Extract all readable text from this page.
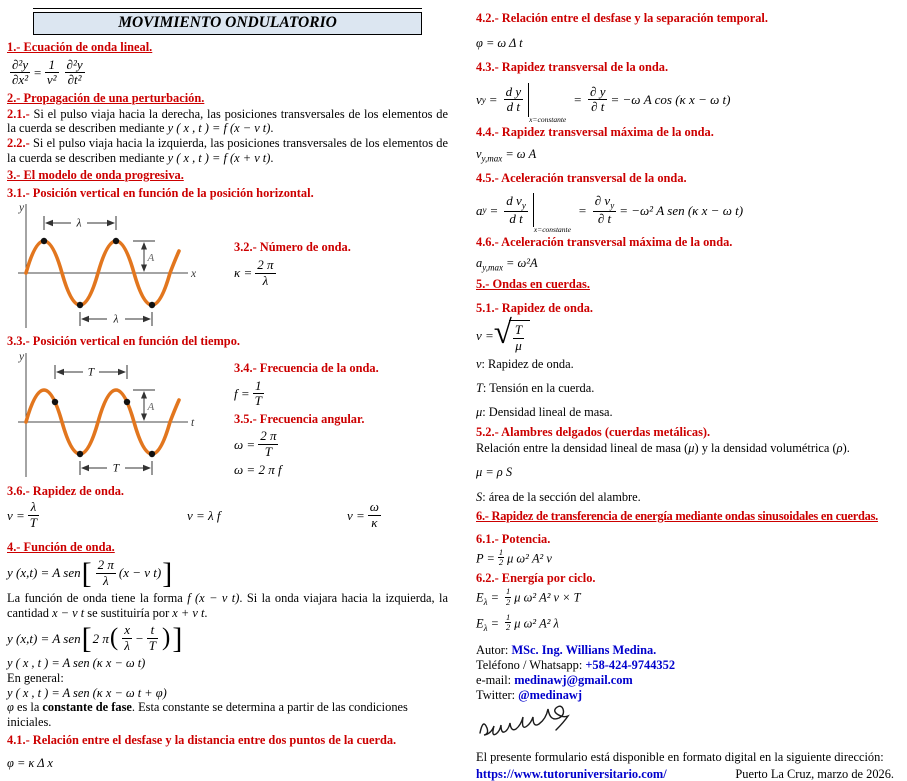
MOVIMIENTO ONDULATORIO
1.- Ecuación de onda lineal.
$\frac{\text{∂²y}}{\text{∂x²}} = \frac{1}{\text{v²}} \frac{\text{∂²y}}{\text{∂t²}}$
2.- Propagación de una perturbación.

2.1.- Si el pulso viaja hacia la derecha, las posiciones transversales de los elementos de la cuerda se describen mediante y ( x , t ) = f (x − v t).

2.2.- Si el pulso viaja hacia la izquierda, las posiciones transversales de los elementos de la cuerda se describen mediante y ( x , t ) = f (x + v t).

3.- El modelo de onda progresiva.
3.1.- Posición vertical en función de la posición horizontal.
y
x
λ
A
λ
3.2.- Número de onda.
$\kappa = \frac{2 \pi}{\lambda}$
3.3.- Posición vertical en función del tiempo.
y
t
T
A
T
3.4.- Frecuencia de la onda.
$f = \frac{1}{T}$
3.5.- Frecuencia angular.
$\omega = \frac{2 \pi}{T}$
ω = 2 π f
3.6.- Rapidez de onda.
$v = \frac{\lambda}{T}$	v = λ f	$v = \frac{\omega}{\kappa}$
4.- Función de onda.
y (x,t) = A sen [ $\frac{2 \pi}{\lambda} (x - v$ t) ]

La función de onda tiene la forma f (x − v t). Si la onda viajara hacia la izquierda, la cantidad x − v t se sustituiría por x + v t.

y (x,t) = A sen [ 2 π ( $\frac{x}{\lambda} - \frac{t}{T}$ ) ]
y ( x , t ) = A sen (κ x − ω t)
En general:
y ( x , t ) = A sen (κ x − ω t + φ)
φ es la constante de fase. Esta constante se determina a partir de las condiciones iniciales.
4.1.- Relación entre el desfase y la distancia entre dos puntos de la cuerda.
φ = κ Δ x
4.2.- Relación entre el desfase y la separación temporal.
φ = ω Δ t
4.3.- Rapidez transversal de la onda.
v $y = \frac{\text{d y}}{\text{d t}}$
x=constante
= $\frac{\partial y}{\partial t} = -\omega$ A cos (κ x − ω t)
4.4.- Rapidez transversal máxima de la onda.
$v_{y,max} = \omega$ A
4.5.- Aceleración transversal de la onda.
a $y = \frac{d v_y}{\text{d t}}$
x=constante
= $\frac{\partial v_y}{\partial t} = -\omega^2$ A sen (κ x − ω t)
4.6.- Aceleración transversal máxima de la onda.
$a_{y,max} = \omega^2A$
5.- Ondas en cuerdas.
5.1.- Rapidez de onda.
v = √ $\frac{T}{\mu}$
v: Rapidez de onda.
T: Tensión en la cuerda.
μ: Densidad lineal de masa.
5.2.- Alambres delgados (cuerdas metálicas).

Relación entre la densidad lineal de masa (μ) y la densidad volumétrica (ρ).

μ = ρ S
S: área de la sección del alambre.
6.- Rapidez de transferencia de energía mediante ondas sinusoidales en cuerdas.
6.1.- Potencia.
$P = \frac{1}{2}$ μ ω² A² v
6.2.- Energía por ciclo.
$E_\lambda = \frac{1}{2}$ μ ω² A² v × T
$E_\lambda = \frac{1}{2}$ μ ω² A² λ
Autor: MSc. Ing. Willians Medina.
Teléfono / Whatsapp: +58-424-9744352
e-mail: medinawj@gmail.com
Twitter: @medinawj
El presente formulario está disponible en formato digital en la siguiente dirección:
https://www.tutoruniversitario.com/	Puerto La Cruz, marzo de 2026.
